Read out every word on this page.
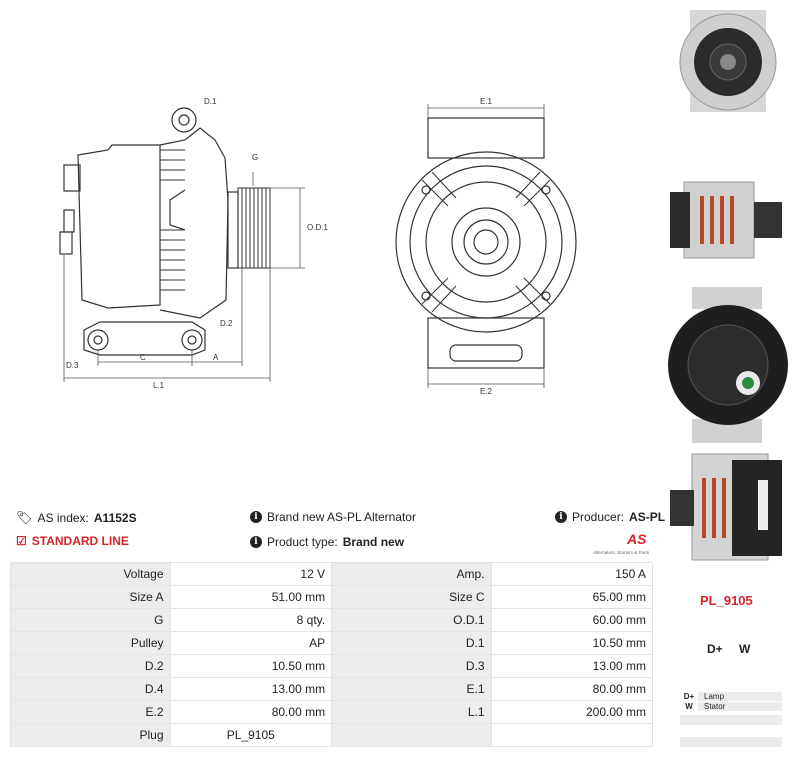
D.1
G
O.D.1
D.2
D.3
C	A
L.1
E.1
E.2
🏷︎ AS index: A1152S
☑ STANDARD LINE
i Brand new AS-PL Alternator
i Product type: Brand new
i Producer: AS-PL
AS
Alternators, Starters & Parts
Voltage	12 V	Amp.	150 A
Size A	51.00 mm	Size C	65.00 mm
G	8 qty.	O.D.1	60.00 mm
Pulley	AP	D.1	10.50 mm
D.2	10.50 mm	D.3	13.00 mm
D.4	13.00 mm	E.1	80.00 mm
E.2	80.00 mm	L.1	200.00 mm
Plug	PL_9105		
PL_9105
D+ W
D+	Lamp
W	Stator
